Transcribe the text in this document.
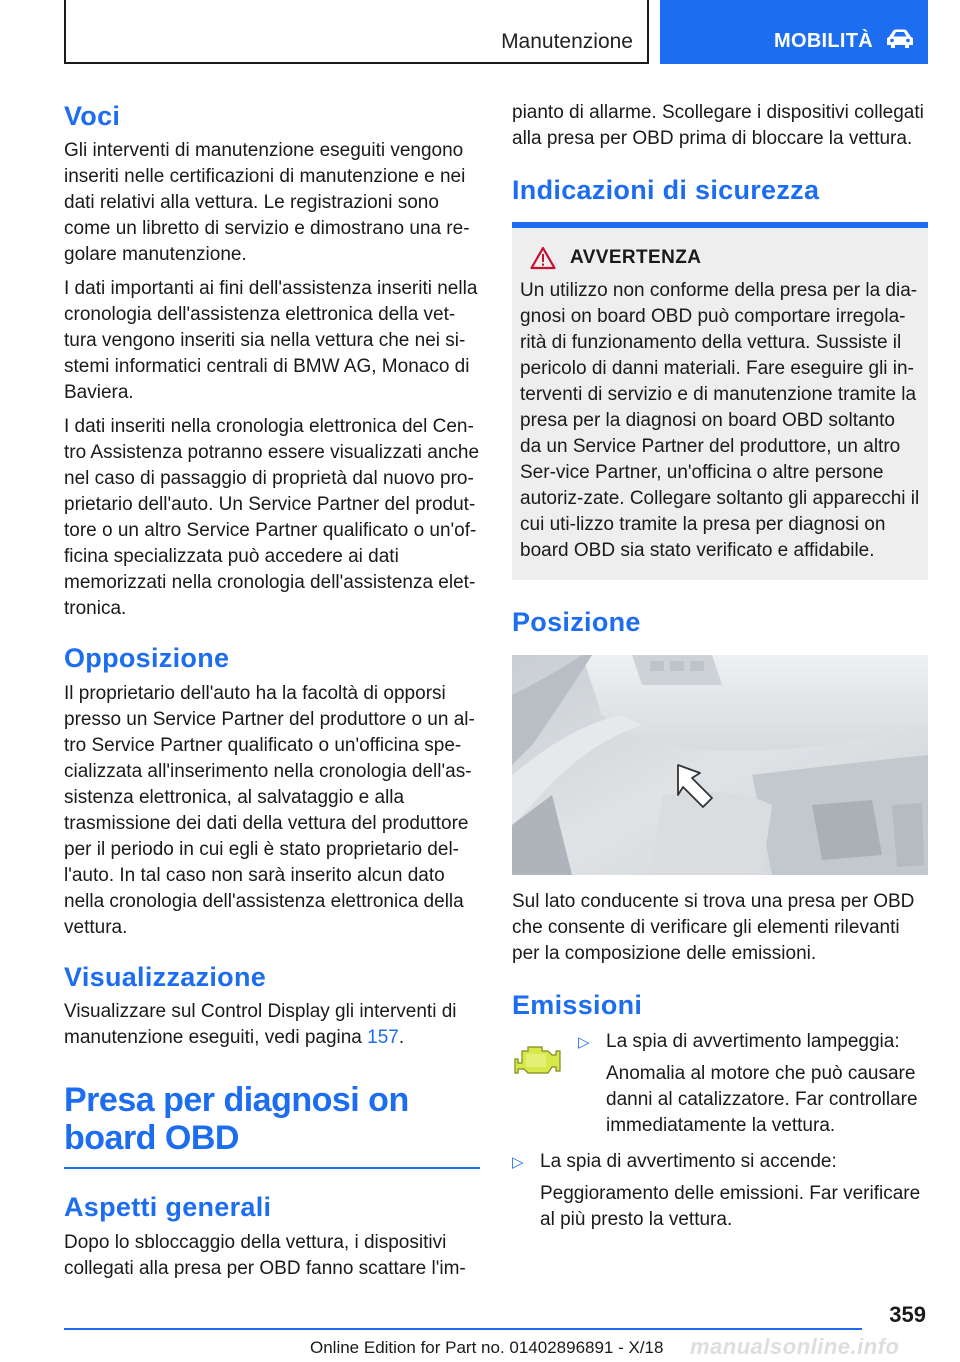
Manutenzione	MOBILITÀ
Voci

Gli interventi di manutenzione eseguiti vengono inseriti nelle certificazioni di manutenzione e nei dati relativi alla vettura. Le registrazioni sono come un libretto di servizio e dimostrano una re-golare manutenzione.

I dati importanti ai fini dell'assistenza inseriti nella cronologia dell'assistenza elettronica della vet-tura vengono inseriti sia nella vettura che nei si-stemi informatici centrali di BMW AG, Monaco di Baviera.

I dati inseriti nella cronologia elettronica del Cen-tro Assistenza potranno essere visualizzati anche nel caso di passaggio di proprietà dal nuovo pro-prietario dell'auto. Un Service Partner del produt-tore o un altro Service Partner qualificato o un'of-ficina specializzata può accedere ai dati memorizzati nella cronologia dell'assistenza elet-tronica.

Opposizione

Il proprietario dell'auto ha la facoltà di opporsi presso un Service Partner del produttore o un al-tro Service Partner qualificato o un'officina spe-cializzata all'inserimento nella cronologia dell'as-sistenza elettronica, al salvataggio e alla trasmissione dei dati della vettura del produttore per il periodo in cui egli è stato proprietario del-l'auto. In tal caso non sarà inserito alcun dato nella cronologia dell'assistenza elettronica della vettura.

Visualizzazione

Visualizzare sul Control Display gli interventi di manutenzione eseguiti, vedi pagina 157.

Presa per diagnosi on
board OBD
Aspetti generali

Dopo lo sbloccaggio della vettura, i dispositivi collegati alla presa per OBD fanno scattare l'im-

pianto di allarme. Scollegare i dispositivi collegati alla presa per OBD prima di bloccare la vettura.

Indicazioni di sicurezza
AVVERTENZA

Un utilizzo non conforme della presa per la dia-gnosi on board OBD può comportare irregola-rità di funzionamento della vettura. Sussiste il pericolo di danni materiali. Fare eseguire gli in-terventi di servizio e di manutenzione tramite la presa per la diagnosi on board OBD soltanto da un Service Partner del produttore, un altro Ser-vice Partner, un'officina o altre persone autoriz-zate. Collegare soltanto gli apparecchi il cui uti-lizzo tramite la presa per diagnosi on board OBD sia stato verificato e affidabile.

Posizione

Sul lato conducente si trova una presa per OBD che consente di verificare gli elementi rilevanti per la composizione delle emissioni.

Emissioni
▷ La spia di avvertimento lampeggia:

Anomalia al motore che può causare danni al catalizzatore. Far controllare immediatamente la vettura.

▷ La spia di avvertimento si accende:

Peggioramento delle emissioni. Far verificare al più presto la vettura.

359
Online Edition for Part no. 01402896891 - X/18 manualsonline.info
